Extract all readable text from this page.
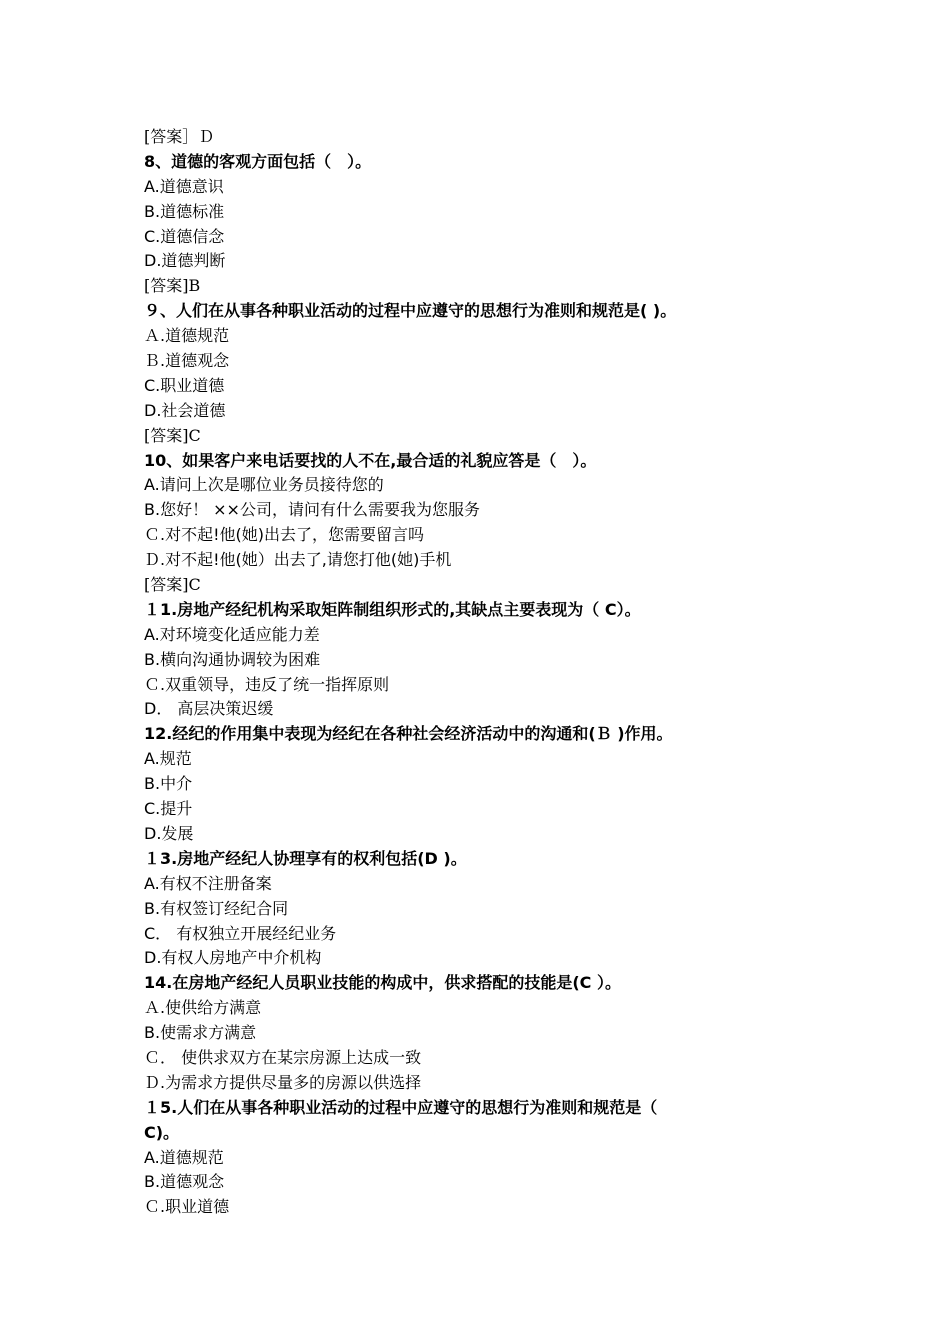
[答案］Ｄ
8、道德的客观方面包括（　）。
A.道德意识
B.道德标准
C.道德信念
D.道德判断
[答案]B
９、人们在从事各种职业活动的过程中应遵守的思想行为准则和规范是( )。
Ａ.道德规范
Ｂ.道德观念
C.职业道德
D.社会道德
[答案]C
10、如果客户来电话要找的人不在,最合适的礼貌应答是（　）。
A.请问上次是哪位业务员接待您的
B.您好！ ××公司，请问有什么需要我为您服务
Ｃ.对不起!他(她)出去了，您需要留言吗
Ｄ.对不起!他(她）出去了,请您打他(她)手机
[答案]C
１1.房地产经纪机构采取矩阵制组织形式的,其缺点主要表现为（ C）。
A.对环境变化适应能力差
B.横向沟通协调较为困难
Ｃ.双重领导，违反了统一指挥原则
D． 高层决策迟缓
12.经纪的作用集中表现为经纪在各种社会经济活动中的沟通和(Ｂ )作用。
A.规范
B.中介
C.提升
D.发展
１3.房地产经纪人协理享有的权利包括(D )。
A.有权不注册备案
B.有权签订经纪合同
C． 有权独立开展经纪业务
D.有权人房地产中介机构
14.在房地产经纪人员职业技能的构成中，供求搭配的技能是(C ）。
Ａ.使供给方满意
B.使需求方满意
Ｃ． 使供求双方在某宗房源上达成一致
Ｄ.为需求方提供尽量多的房源以供选择
１5.人们在从事各种职业活动的过程中应遵守的思想行为准则和规范是（
C)。
A.道德规范
B.道德观念
Ｃ.职业道德
